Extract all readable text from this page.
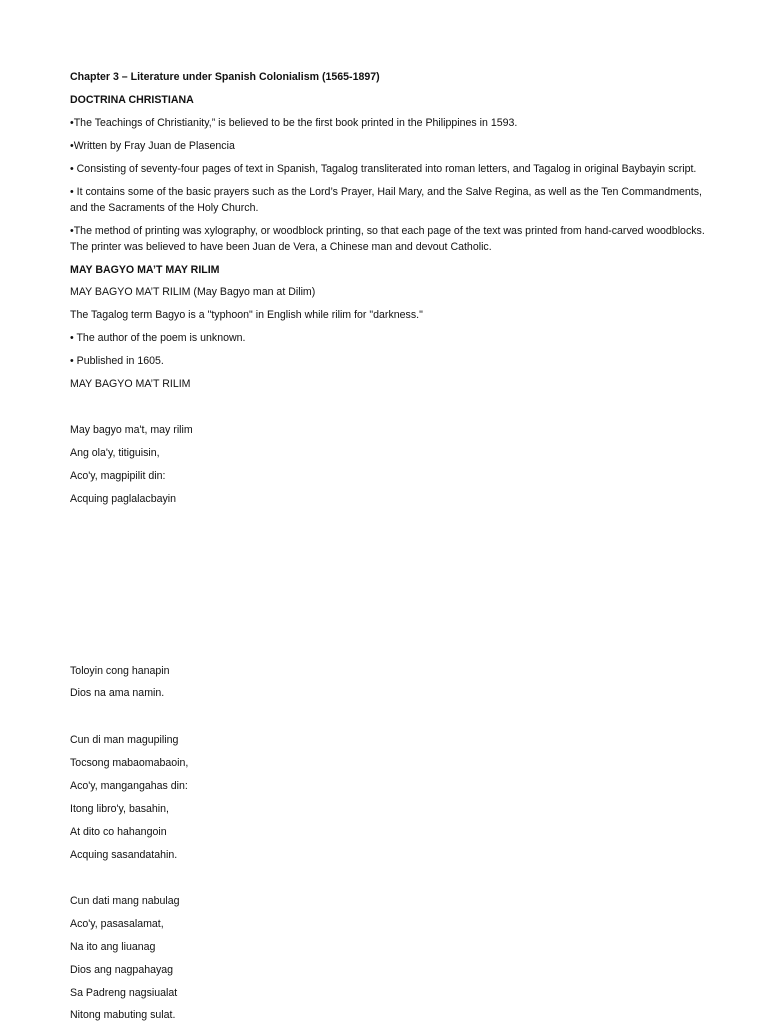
Chapter 3 – Literature under Spanish Colonialism (1565-1897)
DOCTRINA CHRISTIANA
•The Teachings of Christianity,” is believed to be the first book printed in the Philippines in 1593.
•Written by Fray Juan de Plasencia
• Consisting of seventy-four pages of text in Spanish, Tagalog transliterated into roman letters, and Tagalog in original Baybayin script.
• It contains some of the basic prayers such as the Lord’s Prayer, Hail Mary, and the Salve Regina, as well as the Ten Commandments, and the Sacraments of the Holy Church.
•The method of printing was xylography, or woodblock printing, so that each page of the text was printed from hand-carved woodblocks. The printer was believed to have been Juan de Vera, a Chinese man and devout Catholic.
MAY BAGYO MA’T MAY RILIM
MAY BAGYO MA’T RILIM (May Bagyo man at Dilim)
The Tagalog term Bagyo is a "typhoon" in English while rilim for "darkness."
• The author of the poem is unknown.
• Published in 1605.
MAY BAGYO MA’T RILIM
May bagyo ma't, may rilim
Ang ola'y, titiguisin,
Aco'y, magpipilit din:
Acquing paglalacbayin
Toloyin cong hanapin
Dios na ama namin.
Cun di man magupiling
Tocsong mabaomabaoin,
Aco'y, mangangahas din:
Itong libro'y, basahin,
At dito co hahangoin
Acquing sasandatahin.
Cun dati mang nabulag
Aco'y, pasasalamat,
Na ito ang liuanag
Dios ang nagpahayag
Sa Padreng nagsiualat
Nitong mabuting sulat.
